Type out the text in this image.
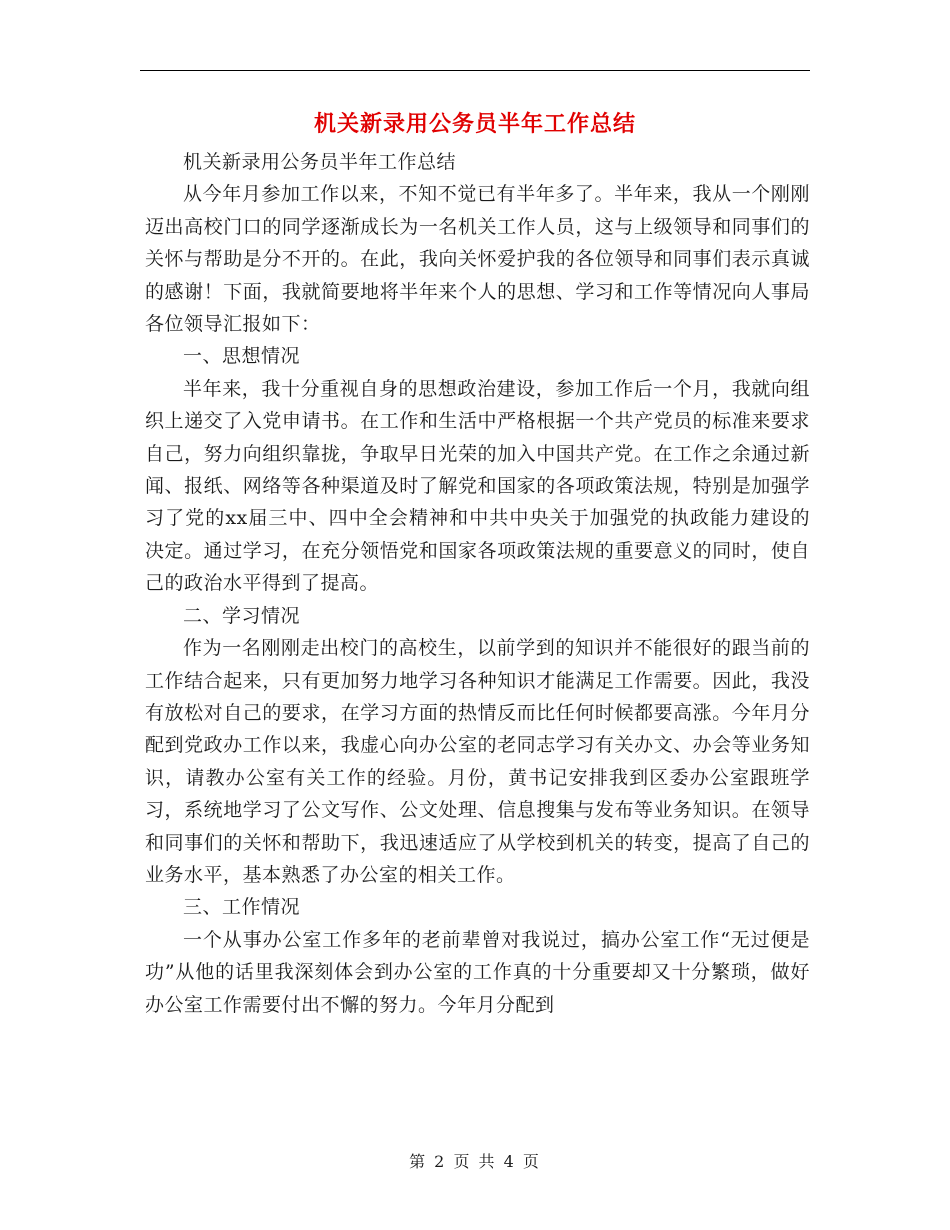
机关新录用公务员半年工作总结

机关新录用公务员半年工作总结

从今年月参加工作以来，不知不觉已有半年多了。半年来，我从一个刚刚迈出高校门口的同学逐渐成长为一名机关工作人员，这与上级领导和同事们的关怀与帮助是分不开的。在此，我向关怀爱护我的各位领导和同事们表示真诚的感谢！下面，我就简要地将半年来个人的思想、学习和工作等情况向人事局各位领导汇报如下：

一、思想情况

半年来，我十分重视自身的思想政治建设，参加工作后一个月，我就向组织上递交了入党申请书。在工作和生活中严格根据一个共产党员的标准来要求自己，努力向组织靠拢，争取早日光荣的加入中国共产党。在工作之余通过新闻、报纸、网络等各种渠道及时了解党和国家的各项政策法规，特别是加强学习了党的xx届三中、四中全会精神和中共中央关于加强党的执政能力建设的决定。通过学习，在充分领悟党和国家各项政策法规的重要意义的同时，使自己的政治水平得到了提高。

二、学习情况

作为一名刚刚走出校门的高校生，以前学到的知识并不能很好的跟当前的工作结合起来，只有更加努力地学习各种知识才能满足工作需要。因此，我没有放松对自己的要求，在学习方面的热情反而比任何时候都要高涨。今年月分配到党政办工作以来，我虚心向办公室的老同志学习有关办文、办会等业务知识，请教办公室有关工作的经验。月份，黄书记安排我到区委办公室跟班学习，系统地学习了公文写作、公文处理、信息搜集与发布等业务知识。在领导和同事们的关怀和帮助下，我迅速适应了从学校到机关的转变，提高了自己的业务水平，基本熟悉了办公室的相关工作。

三、工作情况

一个从事办公室工作多年的老前辈曾对我说过，搞办公室工作“无过便是功”从他的话里我深刻体会到办公室的工作真的十分重要却又十分繁琐，做好办公室工作需要付出不懈的努力。今年月分配到

第 2 页 共 4 页
